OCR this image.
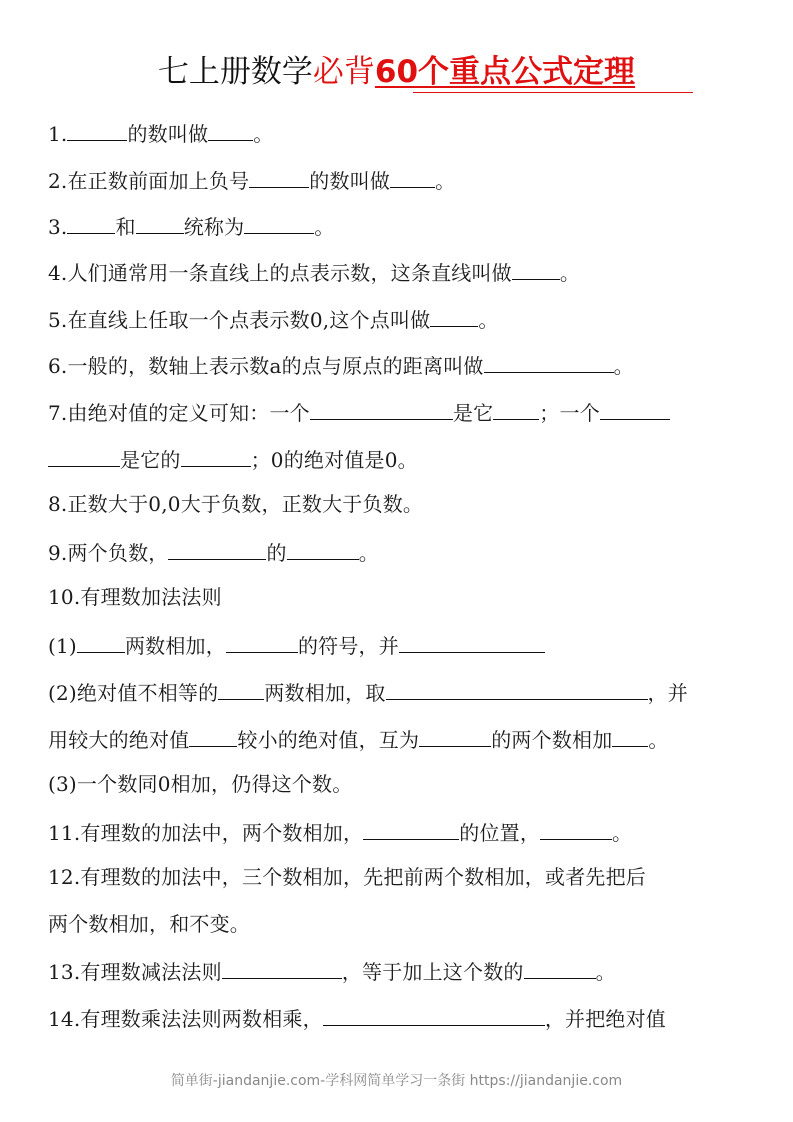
七上册数学必背60个重点公式定理
1.	的数叫做 。
2.在正数前面加上负号	的数叫做 。
3. 和 统称为	。
4.人们通常用一条直线上的点表示数，这条直线叫做 。
5.在直线上任取一个点表示数0,这个点叫做 。
6.一般的，数轴上表示数a的点与原点的距离叫做	。
7.由绝对值的定义可知：一个	是它 ；一个
是它的	；0的绝对值是0。
8.正数大于0,0大于负数，正数大于负数。
9.两个负数，	的	。
10.有理数加法法则
(1) 两数相加，	的符号，并
(2)绝对值不相等的 两数相加，取	，并
用较大的绝对值 较小的绝对值，互为	的两个数相加 。
(3)一个数同0相加，仍得这个数。
11.有理数的加法中，两个数相加，	的位置，	。
12.有理数的加法中，三个数相加，先把前两个数相加，或者先把后
两个数相加，和不变。
13.有理数减法法则	，等于加上这个数的	。
14.有理数乘法法则两数相乘，	，并把绝对值
简单街-jiandanjie.com-学科网简单学习一条街 https://jiandanjie.com
